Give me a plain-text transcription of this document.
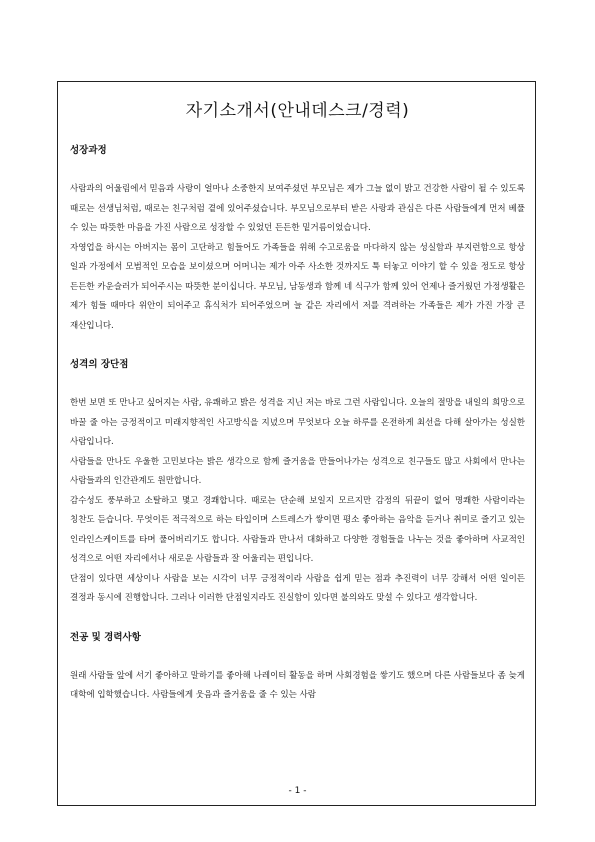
자기소개서(안내데스크/경력)
성장과정

사람과의 어울림에서 믿음과 사랑이 얼마나 소중한지 보여주셨던 부모님은 제가 그늘 없이 밝고 건강한 사람이 될 수 있도록 때로는 선생님처럼, 때로는 친구처럼 곁에 있어주셨습니다. 부모님으로부터 받은 사랑과 관심은 다른 사람들에게 먼저 베풀 수 있는 따뜻한 마음을 가진 사람으로 성장할 수 있었던 든든한 밑거름이었습니다.

자영업을 하시는 아버지는 몸이 고단하고 힘들어도 가족들을 위해 수고로움을 마다하지 않는 성실함과 부지런함으로 항상 일과 가정에서 모범적인 모습을 보이셨으며 어머니는 제가 아주 사소한 것까지도 툭 터놓고 이야기 할 수 있을 정도로 항상 든든한 카운슬러가 되어주시는 따뜻한 분이십니다. 부모님, 남동생과 함께 네 식구가 함께 있어 언제나 즐거웠던 가정생활은 제가 힘들 때마다 위안이 되어주고 휴식처가 되어주었으며 늘 같은 자리에서 저를 격려하는 가족들은 제가 가진 가장 큰 재산입니다.

성격의 장단점

한번 보면 또 만나고 싶어지는 사람, 유쾌하고 밝은 성격을 지닌 저는 바로 그런 사람입니다. 오늘의 절망을 내일의 희망으로 바꿀 줄 아는 긍정적이고 미래지향적인 사고방식을 지녔으며 무엇보다 오늘 하루를 온전하게 최선을 다해 살아가는 성실한 사람입니다.

사람들을 만나도 우울한 고민보다는 밝은 생각으로 함께 즐거움을 만들어나가는 성격으로 친구들도 많고 사회에서 만나는 사람들과의 인간관계도 원만합니다.

감수성도 풍부하고 소탈하고 몇고 경쾌합니다. 때로는 단순해 보일지 모르지만 감정의 뒤끝이 없어 명쾌한 사람이라는 칭찬도 듣습니다. 무엇이든 적극적으로 하는 타입이며 스트레스가 쌓이면 평소 좋아하는 음악을 듣거나 취미로 즐기고 있는 인라인스케이트를 타며 풀어버리기도 합니다. 사람들과 만나서 대화하고 다양한 경험들을 나누는 것을 좋아하며 사교적인 성격으로 어떤 자리에서나 새로운 사람들과 잘 어울리는 편입니다.

단점이 있다면 세상이나 사람을 보는 시각이 너무 긍정적이라 사람을 쉽게 믿는 점과 추진력이 너무 강해서 어떤 일이든 결정과 동시에 진행합니다. 그러나 이러한 단점일지라도 진실함이 있다면 불의와도 맞설 수 있다고 생각합니다.

전공 및 경력사항

원래 사람들 앞에 서기 좋아하고 말하기를 좋아해 나레이터 활동을 하며 사회경험을 쌓기도 했으며 다른 사람들보다 좀 늦게 대학에 입학했습니다. 사람들에게 웃음과 즐거움을 줄 수 있는 사람

- 1 -
